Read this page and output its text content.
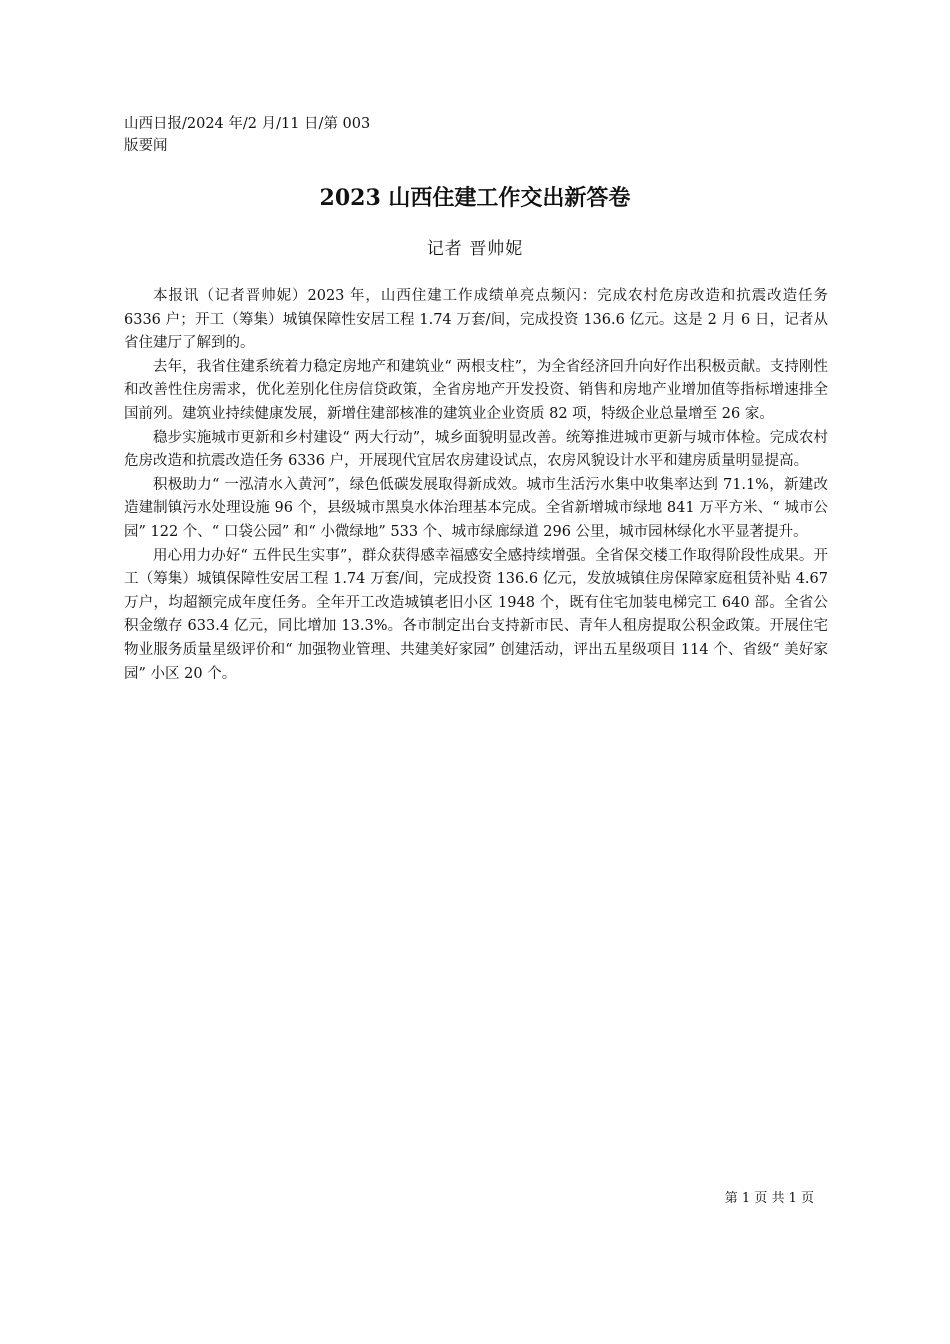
山西日报/2024 年/2 月/11 日/第 003
版要闻
2023 山西住建工作交出新答卷
记者 晋帅妮

本报讯（记者晋帅妮）2023 年，山西住建工作成绩单亮点频闪：完成农村危房改造和抗震改造任务 6336 户；开工（筹集）城镇保障性安居工程 1.74 万套/间，完成投资 136.6 亿元。这是 2 月 6 日，记者从省住建厅了解到的。

去年，我省住建系统着力稳定房地产和建筑业“ 两根支柱”，为全省经济回升向好作出积极贡献。支持刚性和改善性住房需求，优化差别化住房信贷政策，全省房地产开发投资、销售和房地产业增加值等指标增速排全国前列。建筑业持续健康发展，新增住建部核准的建筑业企业资质 82 项，特级企业总量增至 26 家。

稳步实施城市更新和乡村建设“ 两大行动”，城乡面貌明显改善。统筹推进城市更新与城市体检。完成农村危房改造和抗震改造任务 6336 户，开展现代宜居农房建设试点，农房风貌设计水平和建房质量明显提高。

积极助力“ 一泓清水入黄河”，绿色低碳发展取得新成效。城市生活污水集中收集率达到 71.1%，新建改造建制镇污水处理设施 96 个，县级城市黑臭水体治理基本完成。全省新增城市绿地 841 万平方米、“ 城市公园” 122 个、“ 口袋公园” 和“ 小微绿地” 533 个、城市绿廊绿道 296 公里，城市园林绿化水平显著提升。

用心用力办好“ 五件民生实事”，群众获得感幸福感安全感持续增强。全省保交楼工作取得阶段性成果。开工（筹集）城镇保障性安居工程 1.74 万套/间，完成投资 136.6 亿元，发放城镇住房保障家庭租赁补贴 4.67 万户，均超额完成年度任务。全年开工改造城镇老旧小区 1948 个，既有住宅加装电梯完工 640 部。全省公积金缴存 633.4 亿元，同比增加 13.3%。各市制定出台支持新市民、青年人租房提取公积金政策。开展住宅物业服务质量星级评价和“ 加强物业管理、共建美好家园” 创建活动，评出五星级项目 114 个、省级“ 美好家园” 小区 20 个。

第 1 页 共 1 页
